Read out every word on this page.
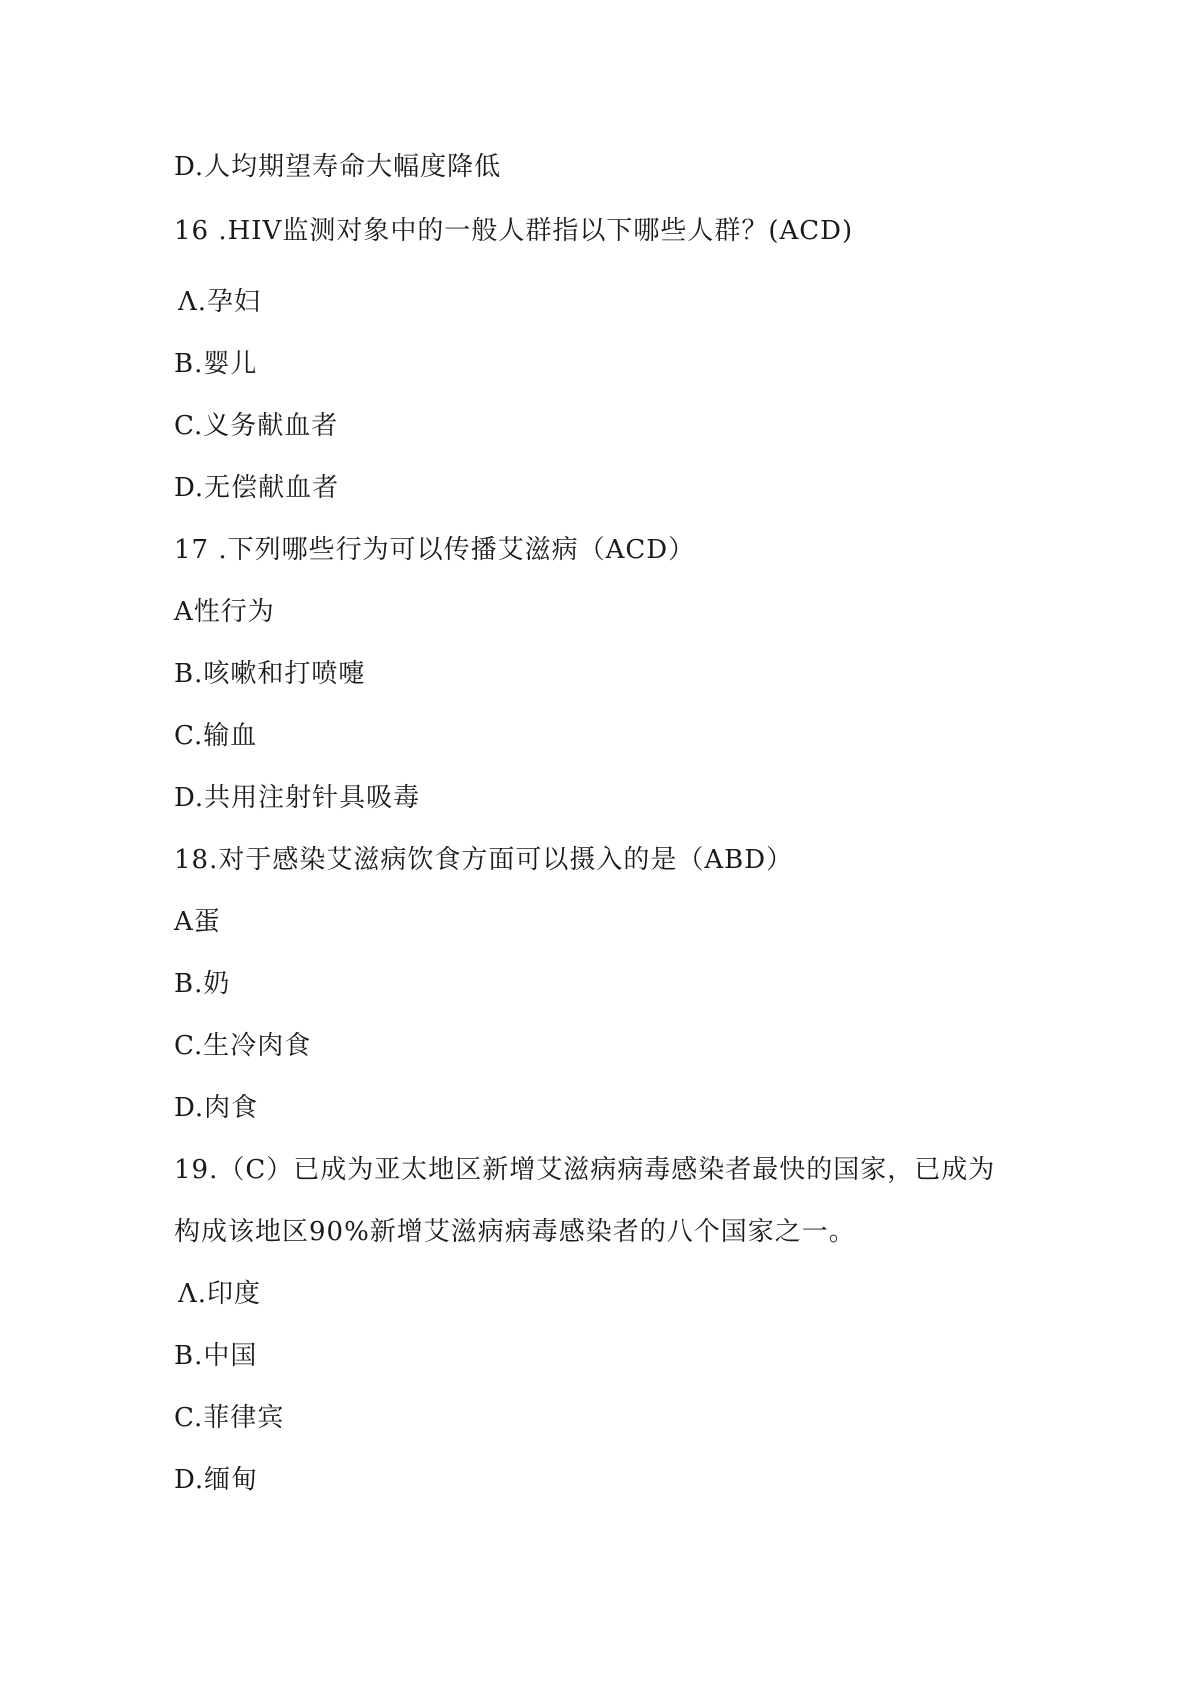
D.人均期望寿命大幅度降低
16 .HIV监测对象中的一般人群指以下哪些人群？(ACD)
Λ.孕妇
B.婴儿
C.义务献血者
D.无偿献血者
17 .下列哪些行为可以传播艾滋病（ACD）
A性行为
B.咳嗽和打喷嚏
C.输血
D.共用注射针具吸毒
18.对于感染艾滋病饮食方面可以摄入的是（ABD）
A蛋
B.奶
C.生冷肉食
D.肉食
19.（C）已成为亚太地区新增艾滋病病毒感染者最快的国家，已成为
构成该地区90%新增艾滋病病毒感染者的八个国家之一。
Λ.印度
B.中国
C.菲律宾
D.缅甸
